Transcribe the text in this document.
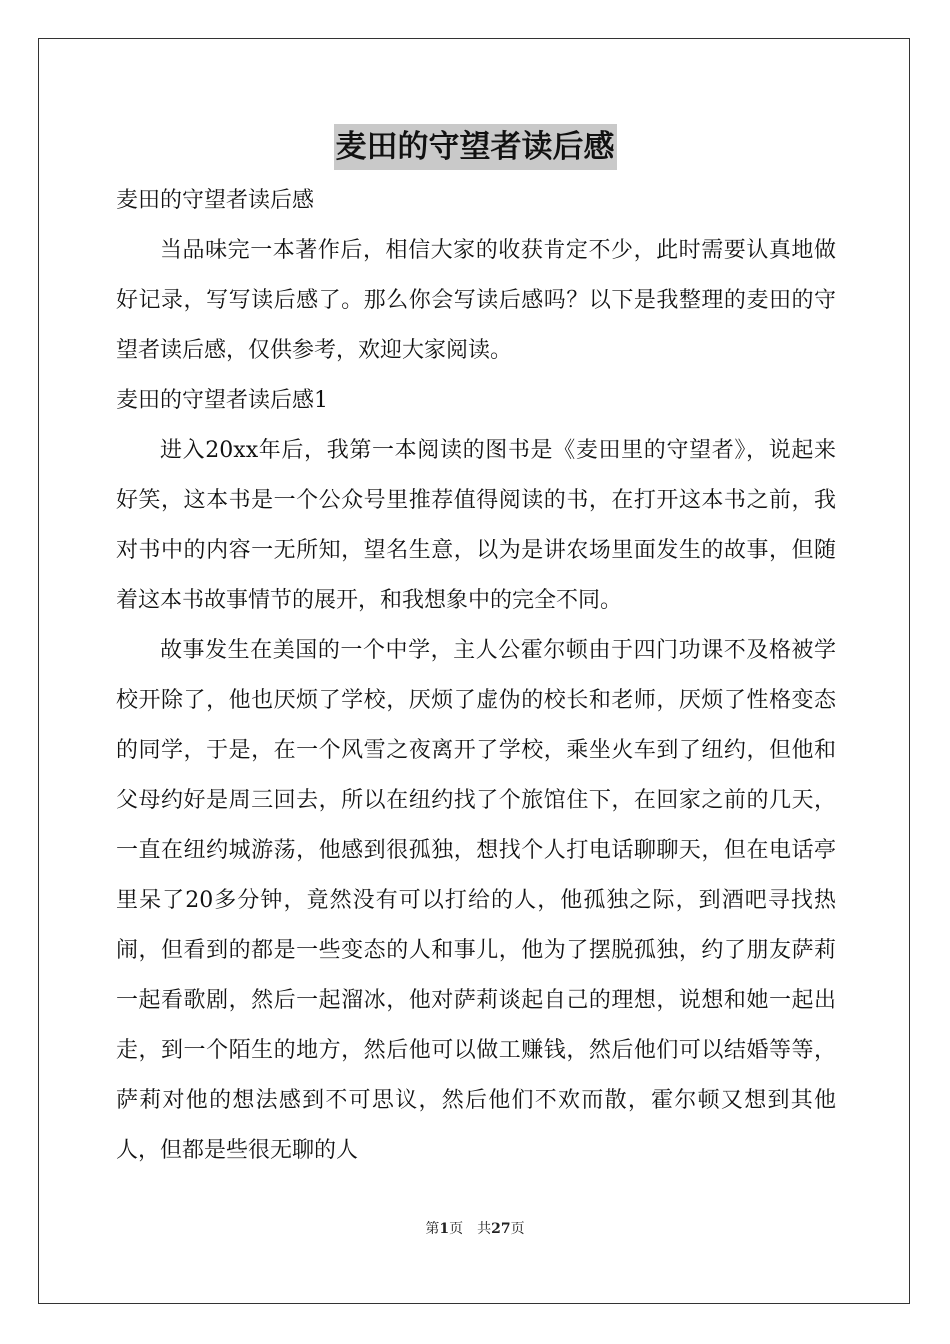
麦田的守望者读后感

麦田的守望者读后感

当品味完一本著作后，相信大家的收获肯定不少，此时需要认真地做好记录，写写读后感了。那么你会写读后感吗？以下是我整理的麦田的守望者读后感，仅供参考，欢迎大家阅读。

麦田的守望者读后感1

进入20xx年后，我第一本阅读的图书是《麦田里的守望者》，说起来好笑，这本书是一个公众号里推荐值得阅读的书，在打开这本书之前，我对书中的内容一无所知，望名生意，以为是讲农场里面发生的故事，但随着这本书故事情节的展开，和我想象中的完全不同。

故事发生在美国的一个中学，主人公霍尔顿由于四门功课不及格被学校开除了，他也厌烦了学校，厌烦了虚伪的校长和老师，厌烦了性格变态的同学，于是，在一个风雪之夜离开了学校，乘坐火车到了纽约，但他和父母约好是周三回去，所以在纽约找了个旅馆住下，在回家之前的几天，一直在纽约城游荡，他感到很孤独，想找个人打电话聊聊天，但在电话亭里呆了20多分钟，竟然没有可以打给的人，他孤独之际，到酒吧寻找热闹，但看到的都是一些变态的人和事儿，他为了摆脱孤独，约了朋友萨莉一起看歌剧，然后一起溜冰，他对萨莉谈起自己的理想，说想和她一起出走，到一个陌生的地方，然后他可以做工赚钱，然后他们可以结婚等等，萨莉对他的想法感到不可思议，然后他们不欢而散，霍尔顿又想到其他人，但都是些很无聊的人

第1页 共27页
